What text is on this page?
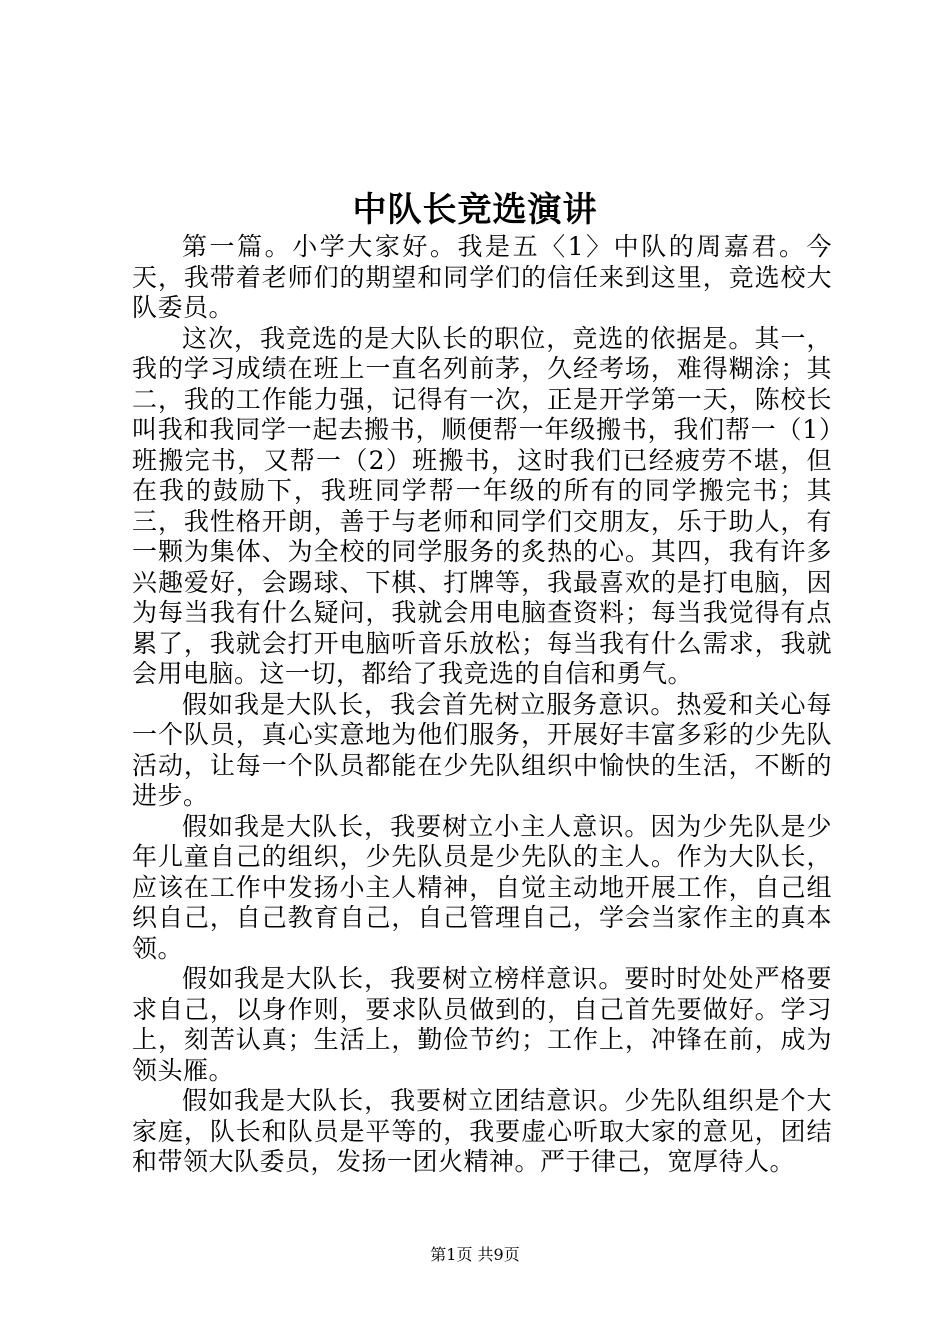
中队长竞选演讲

第一篇。小学大家好。我是五〈1〉中队的周嘉君。今天，我带着老师们的期望和同学们的信任来到这里，竞选校大队委员。

这次，我竞选的是大队长的职位，竞选的依据是。其一，我的学习成绩在班上一直名列前茅，久经考场，难得糊涂；其二，我的工作能力强，记得有一次，正是开学第一天，陈校长叫我和我同学一起去搬书，顺便帮一年级搬书，我们帮一（1）班搬完书，又帮一（2）班搬书，这时我们已经疲劳不堪，但在我的鼓励下，我班同学帮一年级的所有的同学搬完书；其三，我性格开朗，善于与老师和同学们交朋友，乐于助人，有一颗为集体、为全校的同学服务的炙热的心。其四，我有许多兴趣爱好，会踢球、下棋、打牌等，我最喜欢的是打电脑，因为每当我有什么疑问，我就会用电脑查资料；每当我觉得有点累了，我就会打开电脑听音乐放松；每当我有什么需求，我就会用电脑。这一切，都给了我竞选的自信和勇气。

假如我是大队长，我会首先树立服务意识。热爱和关心每一个队员，真心实意地为他们服务，开展好丰富多彩的少先队活动，让每一个队员都能在少先队组织中愉快的生活，不断的进步。

假如我是大队长，我要树立小主人意识。因为少先队是少年儿童自己的组织，少先队员是少先队的主人。作为大队长，应该在工作中发扬小主人精神，自觉主动地开展工作，自己组织自己，自己教育自己，自己管理自己，学会当家作主的真本领。

假如我是大队长，我要树立榜样意识。要时时处处严格要求自己，以身作则，要求队员做到的，自己首先要做好。学习上，刻苦认真；生活上，勤俭节约；工作上，冲锋在前，成为领头雁。

假如我是大队长，我要树立团结意识。少先队组织是个大家庭，队长和队员是平等的，我要虚心听取大家的意见，团结和带领大队委员，发扬一团火精神。严于律己，宽厚待人。

第1页 共9页
